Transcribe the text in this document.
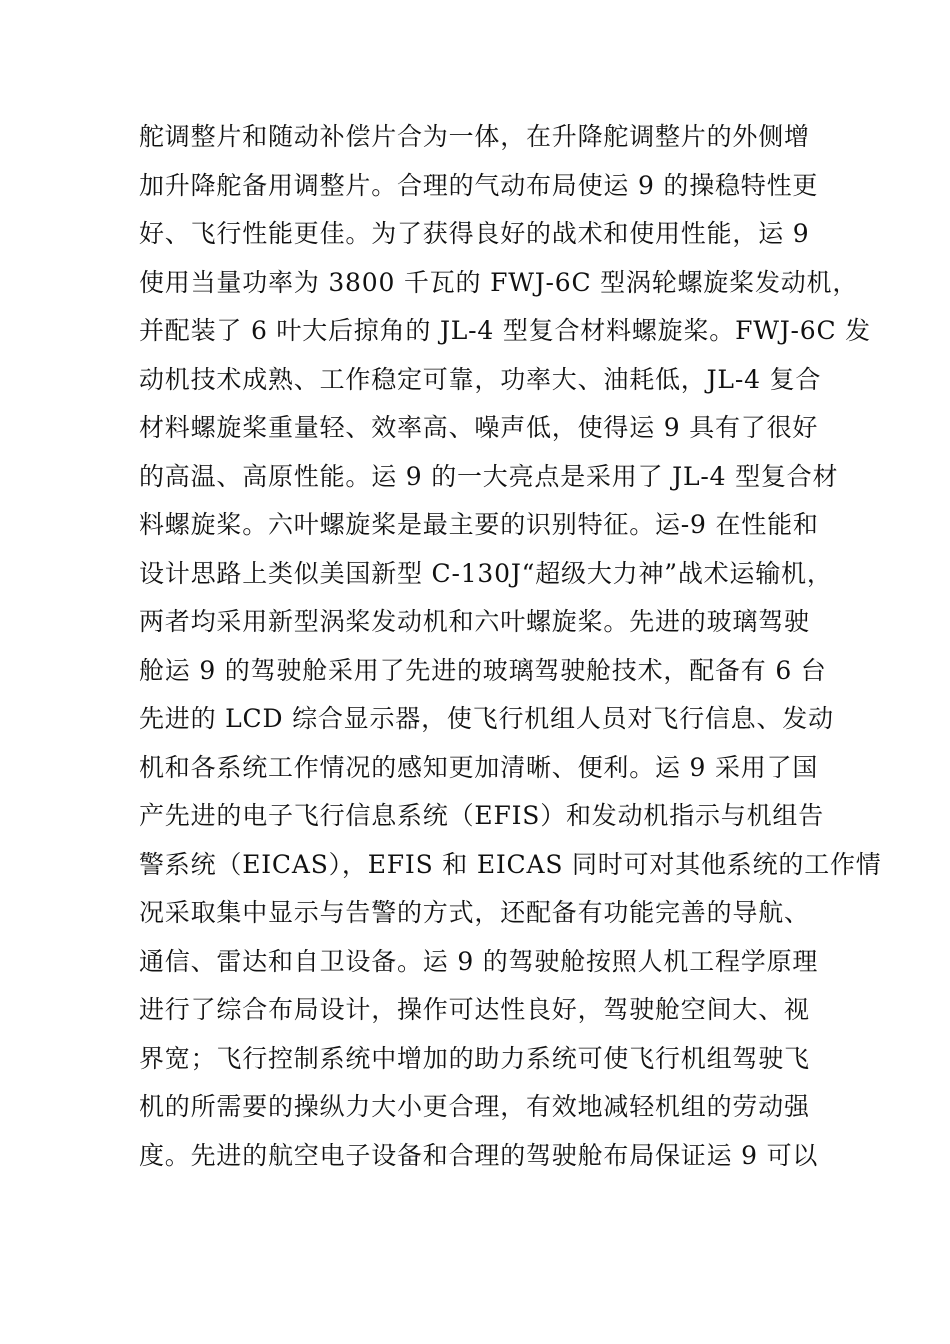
舵调整片和随动补偿片合为一体，在升降舵调整片的外侧增
加升降舵备用调整片。合理的气动布局使运 9 的操稳特性更
好、飞行性能更佳。为了获得良好的战术和使用性能，运 9
使用当量功率为 3800 千瓦的 FWJ-6C 型涡轮螺旋桨发动机，
并配装了 6 叶大后掠角的 JL-4 型复合材料螺旋桨。FWJ-6C 发
动机技术成熟、工作稳定可靠，功率大、油耗低，JL-4 复合
材料螺旋桨重量轻、效率高、噪声低，使得运 9 具有了很好
的高温、高原性能。运 9 的一大亮点是采用了 JL-4 型复合材
料螺旋桨。六叶螺旋桨是最主要的识别特征。运-9 在性能和
设计思路上类似美国新型 C-130J“超级大力神”战术运输机，
两者均采用新型涡桨发动机和六叶螺旋桨。先进的玻璃驾驶
舱运 9 的驾驶舱采用了先进的玻璃驾驶舱技术，配备有 6 台
先进的 LCD 综合显示器，使飞行机组人员对飞行信息、发动
机和各系统工作情况的感知更加清晰、便利。运 9 采用了国
产先进的电子飞行信息系统（EFIS）和发动机指示与机组告
警系统（EICAS），EFIS 和 EICAS 同时可对其他系统的工作情
况采取集中显示与告警的方式，还配备有功能完善的导航、
通信、雷达和自卫设备。运 9 的驾驶舱按照人机工程学原理
进行了综合布局设计，操作可达性良好，驾驶舱空间大、视
界宽；飞行控制系统中增加的助力系统可使飞行机组驾驶飞
机的所需要的操纵力大小更合理，有效地减轻机组的劳动强
度。先进的航空电子设备和合理的驾驶舱布局保证运 9 可以
